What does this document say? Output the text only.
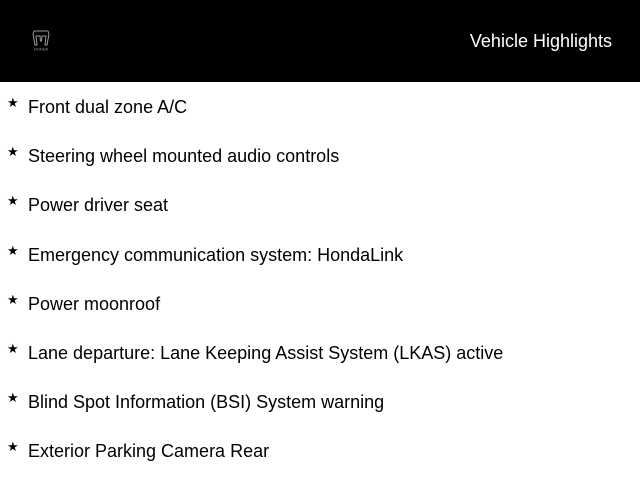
HONDA	Vehicle Highlights
★ Front dual zone A/C
★ Steering wheel mounted audio controls
★ Power driver seat
★ Emergency communication system: HondaLink
★ Power moonroof
★ Lane departure: Lane Keeping Assist System (LKAS) active
★ Blind Spot Information (BSI) System warning
★ Exterior Parking Camera Rear
